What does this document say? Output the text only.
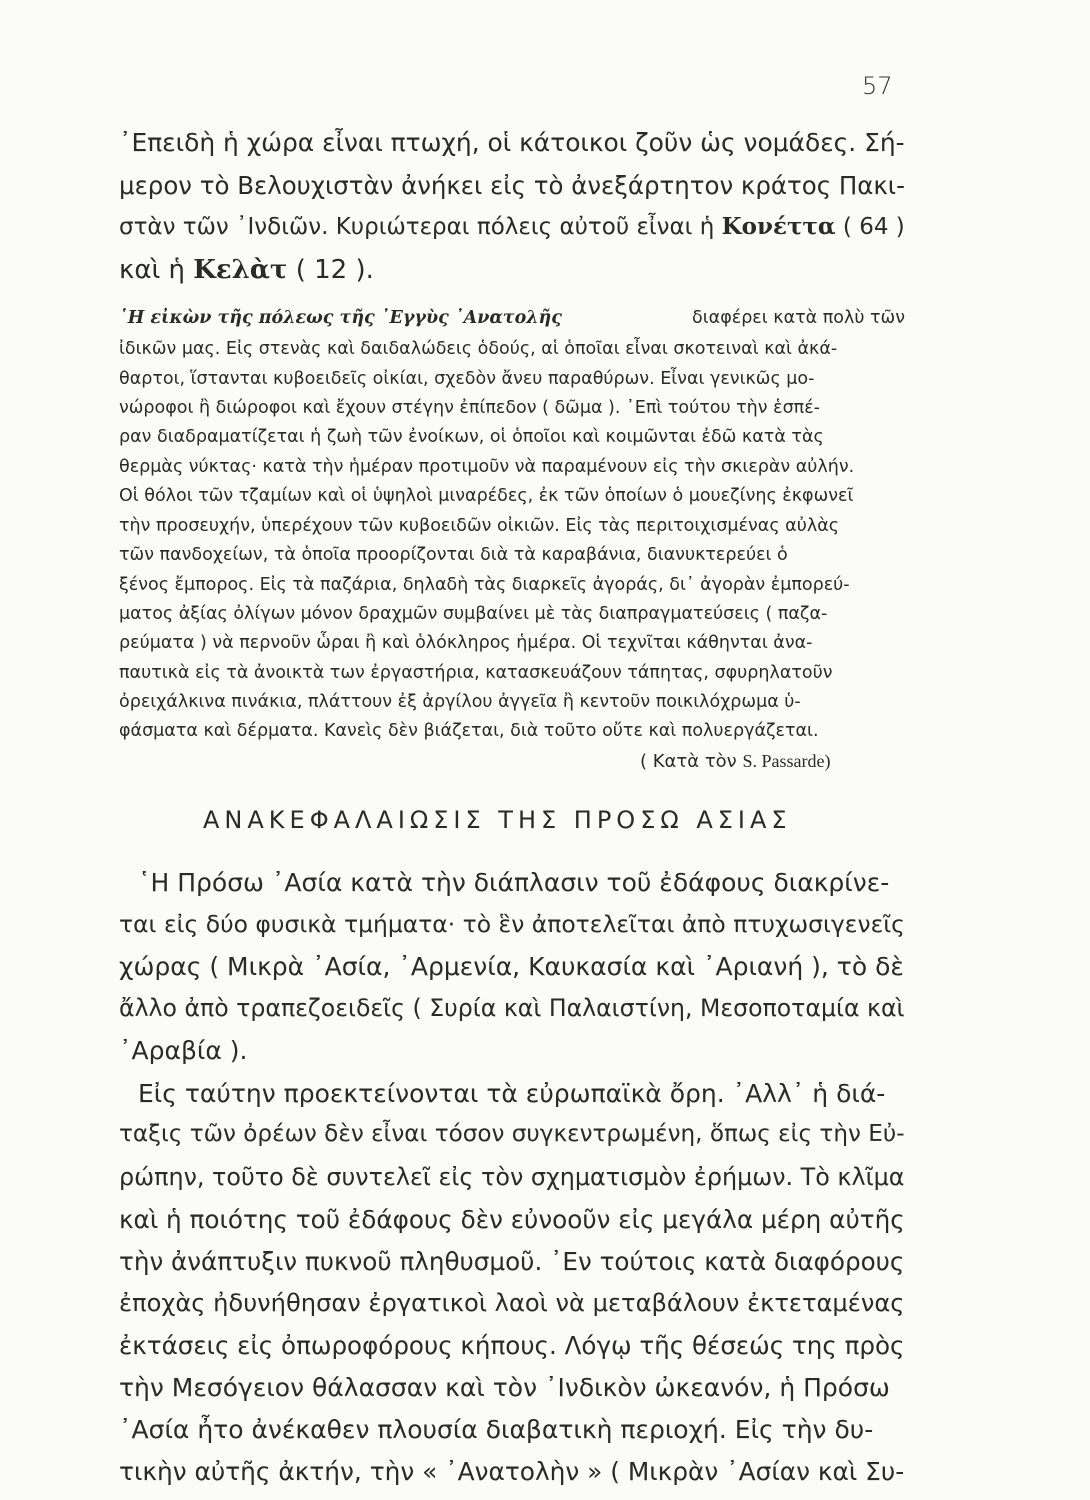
57
᾿Επειδὴ ἡ χώρα εἶναι πτωχή, οἱ κάτοικοι ζοῦν ὡς νομάδες. Σή-
μερον τὸ Βελουχιστὰν ἀνήκει εἰς τὸ ἀνεξάρτητον κράτος Πακι-
στὰν τῶν ᾿Ινδιῶν. Κυριώτεραι πόλεις αὐτοῦ εἶναι ἡ Κονέττα ( 64 )
καὶ ἡ Κελὰτ ( 12 ).
῾Η εἰκὼν τῆς πόλεως τῆς ᾿Εγγὺς ᾿Ανατολῆς	διαφέρει κατὰ πολὺ τῶν
ἰδικῶν μας. Εἰς στενὰς καὶ δαιδαλώδεις ὁδούς, αἱ ὁποῖαι εἶναι σκοτειναὶ καὶ ἀκά-
θαρτοι, ἵστανται κυβοειδεῖς οἰκίαι, σχεδὸν ἄνευ παραθύρων. Εἶναι γενικῶς μο-
νώροφοι ἢ διώροφοι καὶ ἔχουν στέγην ἐπίπεδον ( δῶμα ). ᾿Επὶ τούτου τὴν ἑσπέ-
ραν διαδραματίζεται ἡ ζωὴ τῶν ἐνοίκων, οἱ ὁποῖοι καὶ κοιμῶνται ἐδῶ κατὰ τὰς
θερμὰς νύκτας· κατὰ τὴν ἡμέραν προτιμοῦν νὰ παραμένουν εἰς τὴν σκιερὰν αὐλήν.
Οἱ θόλοι τῶν τζαμίων καὶ οἱ ὑψηλοὶ μιναρέδες, ἐκ τῶν ὁποίων ὁ μουεζίνης ἐκφωνεῖ
τὴν προσευχήν, ὑπερέχουν τῶν κυβοειδῶν οἰκιῶν. Εἰς τὰς περιτοιχισμένας αὐλὰς
τῶν πανδοχείων, τὰ ὁποῖα προορίζονται διὰ τὰ καραβάνια, διανυκτερεύει ὁ
ξένος ἔμπορος. Εἰς τὰ παζάρια, δηλαδὴ τὰς διαρκεῖς ἀγοράς, δι᾿ ἀγορὰν ἐμπορεύ-
ματος ἀξίας ὀλίγων μόνον δραχμῶν συμβαίνει μὲ τὰς διαπραγματεύσεις ( παζα-
ρεύματα ) νὰ περνοῦν ὧραι ἢ καὶ ὁλόκληρος ἡμέρα. Οἱ τεχνῖται κάθηνται ἀνα-
παυτικὰ εἰς τὰ ἀνοικτὰ των ἐργαστήρια, κατασκευάζουν τάπητας, σφυρηλατοῦν
ὀρειχάλκινα πινάκια, πλάττουν ἐξ ἀργίλου ἀγγεῖα ἢ κεντοῦν ποικιλόχρωμα ὑ-
φάσματα καὶ δέρματα. Κανεὶς δὲν βιάζεται, διὰ τοῦτο οὔτε καὶ πολυεργάζεται.
( Κατὰ τὸν S. Passarde)
ΑΝΑΚΕΦΑΛΑΙΩΣΙΣ ΤΗΣ ΠΡΟΣΩ ΑΣΙΑΣ
῾Η Πρόσω ᾿Ασία κατὰ τὴν διάπλασιν τοῦ ἐδάφους διακρίνε-
ται εἰς δύο φυσικὰ τμήματα· τὸ ἓν ἀποτελεῖται ἀπὸ πτυχωσιγενεῖς
χώρας ( Μικρὰ ᾿Ασία, ᾿Αρμενία, Καυκασία καὶ ᾿Αριανή ), τὸ δὲ
ἄλλο ἀπὸ τραπεζοειδεῖς ( Συρία καὶ Παλαιστίνη, Μεσοποταμία καὶ
᾿Αραβία ).
Εἰς ταύτην προεκτείνονται τὰ εὐρωπαϊκὰ ὄρη. ᾿Αλλ᾿ ἡ διά-
ταξις τῶν ὀρέων δὲν εἶναι τόσον συγκεντρωμένη, ὅπως εἰς τὴν Εὐ-
ρώπην, τοῦτο δὲ συντελεῖ εἰς τὸν σχηματισμὸν ἐρήμων. Τὸ κλῖμα
καὶ ἡ ποιότης τοῦ ἐδάφους δὲν εὐνοοῦν εἰς μεγάλα μέρη αὐτῆς
τὴν ἀνάπτυξιν πυκνοῦ πληθυσμοῦ. ᾿Εν τούτοις κατὰ διαφόρους
ἐποχὰς ἠδυνήθησαν ἐργατικοὶ λαοὶ νὰ μεταβάλουν ἐκτεταμένας
ἐκτάσεις εἰς ὀπωροφόρους κήπους. Λόγῳ τῆς θέσεώς της πρὸς
τὴν Μεσόγειον θάλασσαν καὶ τὸν ᾿Ινδικὸν ὠκεανόν, ἡ Πρόσω
᾿Ασία ἦτο ἀνέκαθεν πλουσία διαβατικὴ περιοχή. Εἰς τὴν δυ-
τικὴν αὐτῆς ἀκτήν, τὴν « ᾿Ανατολὴν » ( Μικρὰν ᾿Ασίαν καὶ Συ-
